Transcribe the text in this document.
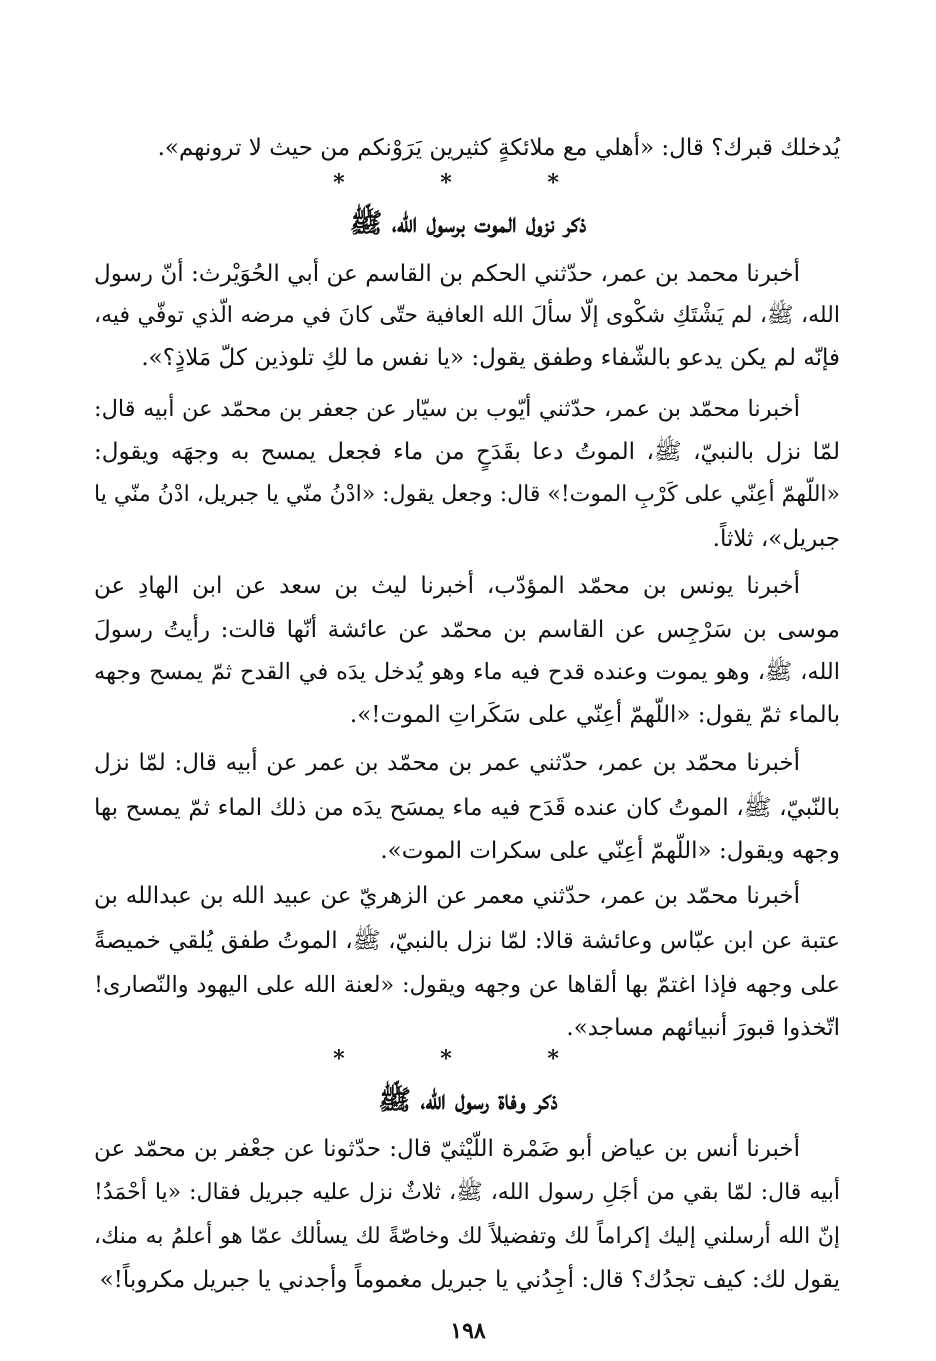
يُدخلك قبرك؟ قال: «أهلي مع ملائكةٍ كثيرين يَرَوْنكم من حيث لا ترونهم».
* * *
ذكر نزول الموت برسول الله، ﷺ
أخبرنا محمد بن عمر، حدّثني الحكم بن القاسم عن أبي الحُوَيْرث: أنّ رسول
الله، ﷺ، لم يَشْتَكِ شكْوى إلّا سألَ الله العافية حتّى كانَ في مرضه الّذي توفّي فيه،
فإنّه لم يكن يدعو بالشّفاء وطفق يقول: «يا نفس ما لكِ تلوذين كلّ مَلاذٍ؟».
أخبرنا محمّد بن عمر، حدّثني أيّوب بن سيّار عن جعفر بن محمّد عن أبيه قال:
لمّا نزل بالنبيّ، ﷺ، الموتُ دعا بقَدَحٍ من ماء فجعل يمسح به وجهَه ويقول:
«اللّهمّ أعِنّي على كَرْبِ الموت!» قال: وجعل يقول: «ادْنُ منّي يا جبريل، ادْنُ منّي يا
جبريل»، ثلاثاً.
أخبرنا يونس بن محمّد المؤدّب، أخبرنا ليث بن سعد عن ابن الهادِ عن
موسى بن سَرْجِس عن القاسم بن محمّد عن عائشة أنّها قالت: رأيتُ رسولَ
الله، ﷺ، وهو يموت وعنده قدح فيه ماء وهو يُدخل يدَه في القدح ثمّ يمسح وجهه
بالماء ثمّ يقول: «اللّهمّ أعِنّي على سَكَراتِ الموت!».
أخبرنا محمّد بن عمر، حدّثني عمر بن محمّد بن عمر عن أبيه قال: لمّا نزل
بالنّبيّ، ﷺ، الموتُ كان عنده قَدَح فيه ماء يمسَح يدَه من ذلك الماء ثمّ يمسح بها
وجهه ويقول: «اللّهمّ أعِنّي على سكرات الموت».
أخبرنا محمّد بن عمر، حدّثني معمر عن الزهريّ عن عبيد الله بن عبدالله بن
عتبة عن ابن عبّاس وعائشة قالا: لمّا نزل بالنبيّ، ﷺ، الموتُ طفق يُلقي خميصةً
على وجهه فإذا اغتمّ بها ألقاها عن وجهه ويقول: «لعنة الله على اليهود والنّصارى!
اتّخذوا قبورَ أنبيائهم مساجد».
* * *
ذكر وفاة رسول الله، ﷺ
أخبرنا أنس بن عياض أبو ضَمْرة اللّيْثيّ قال: حدّثونا عن جعْفر بن محمّد عن
أبيه قال: لمّا بقي من أجَلِ رسول الله، ﷺ، ثلاثٌ نزل عليه جبريل فقال: «يا أحْمَدُ!
إنّ الله أرسلني إليك إكراماً لك وتفضيلاً لك وخاصّةً لك يسألك عمّا هو أعلمُ به منك،
يقول لك: كيف تجدُك؟ قال: أجِدُني يا جبريل مغموماً وأجدني يا جبريل مكروباً!»
١٩٨
